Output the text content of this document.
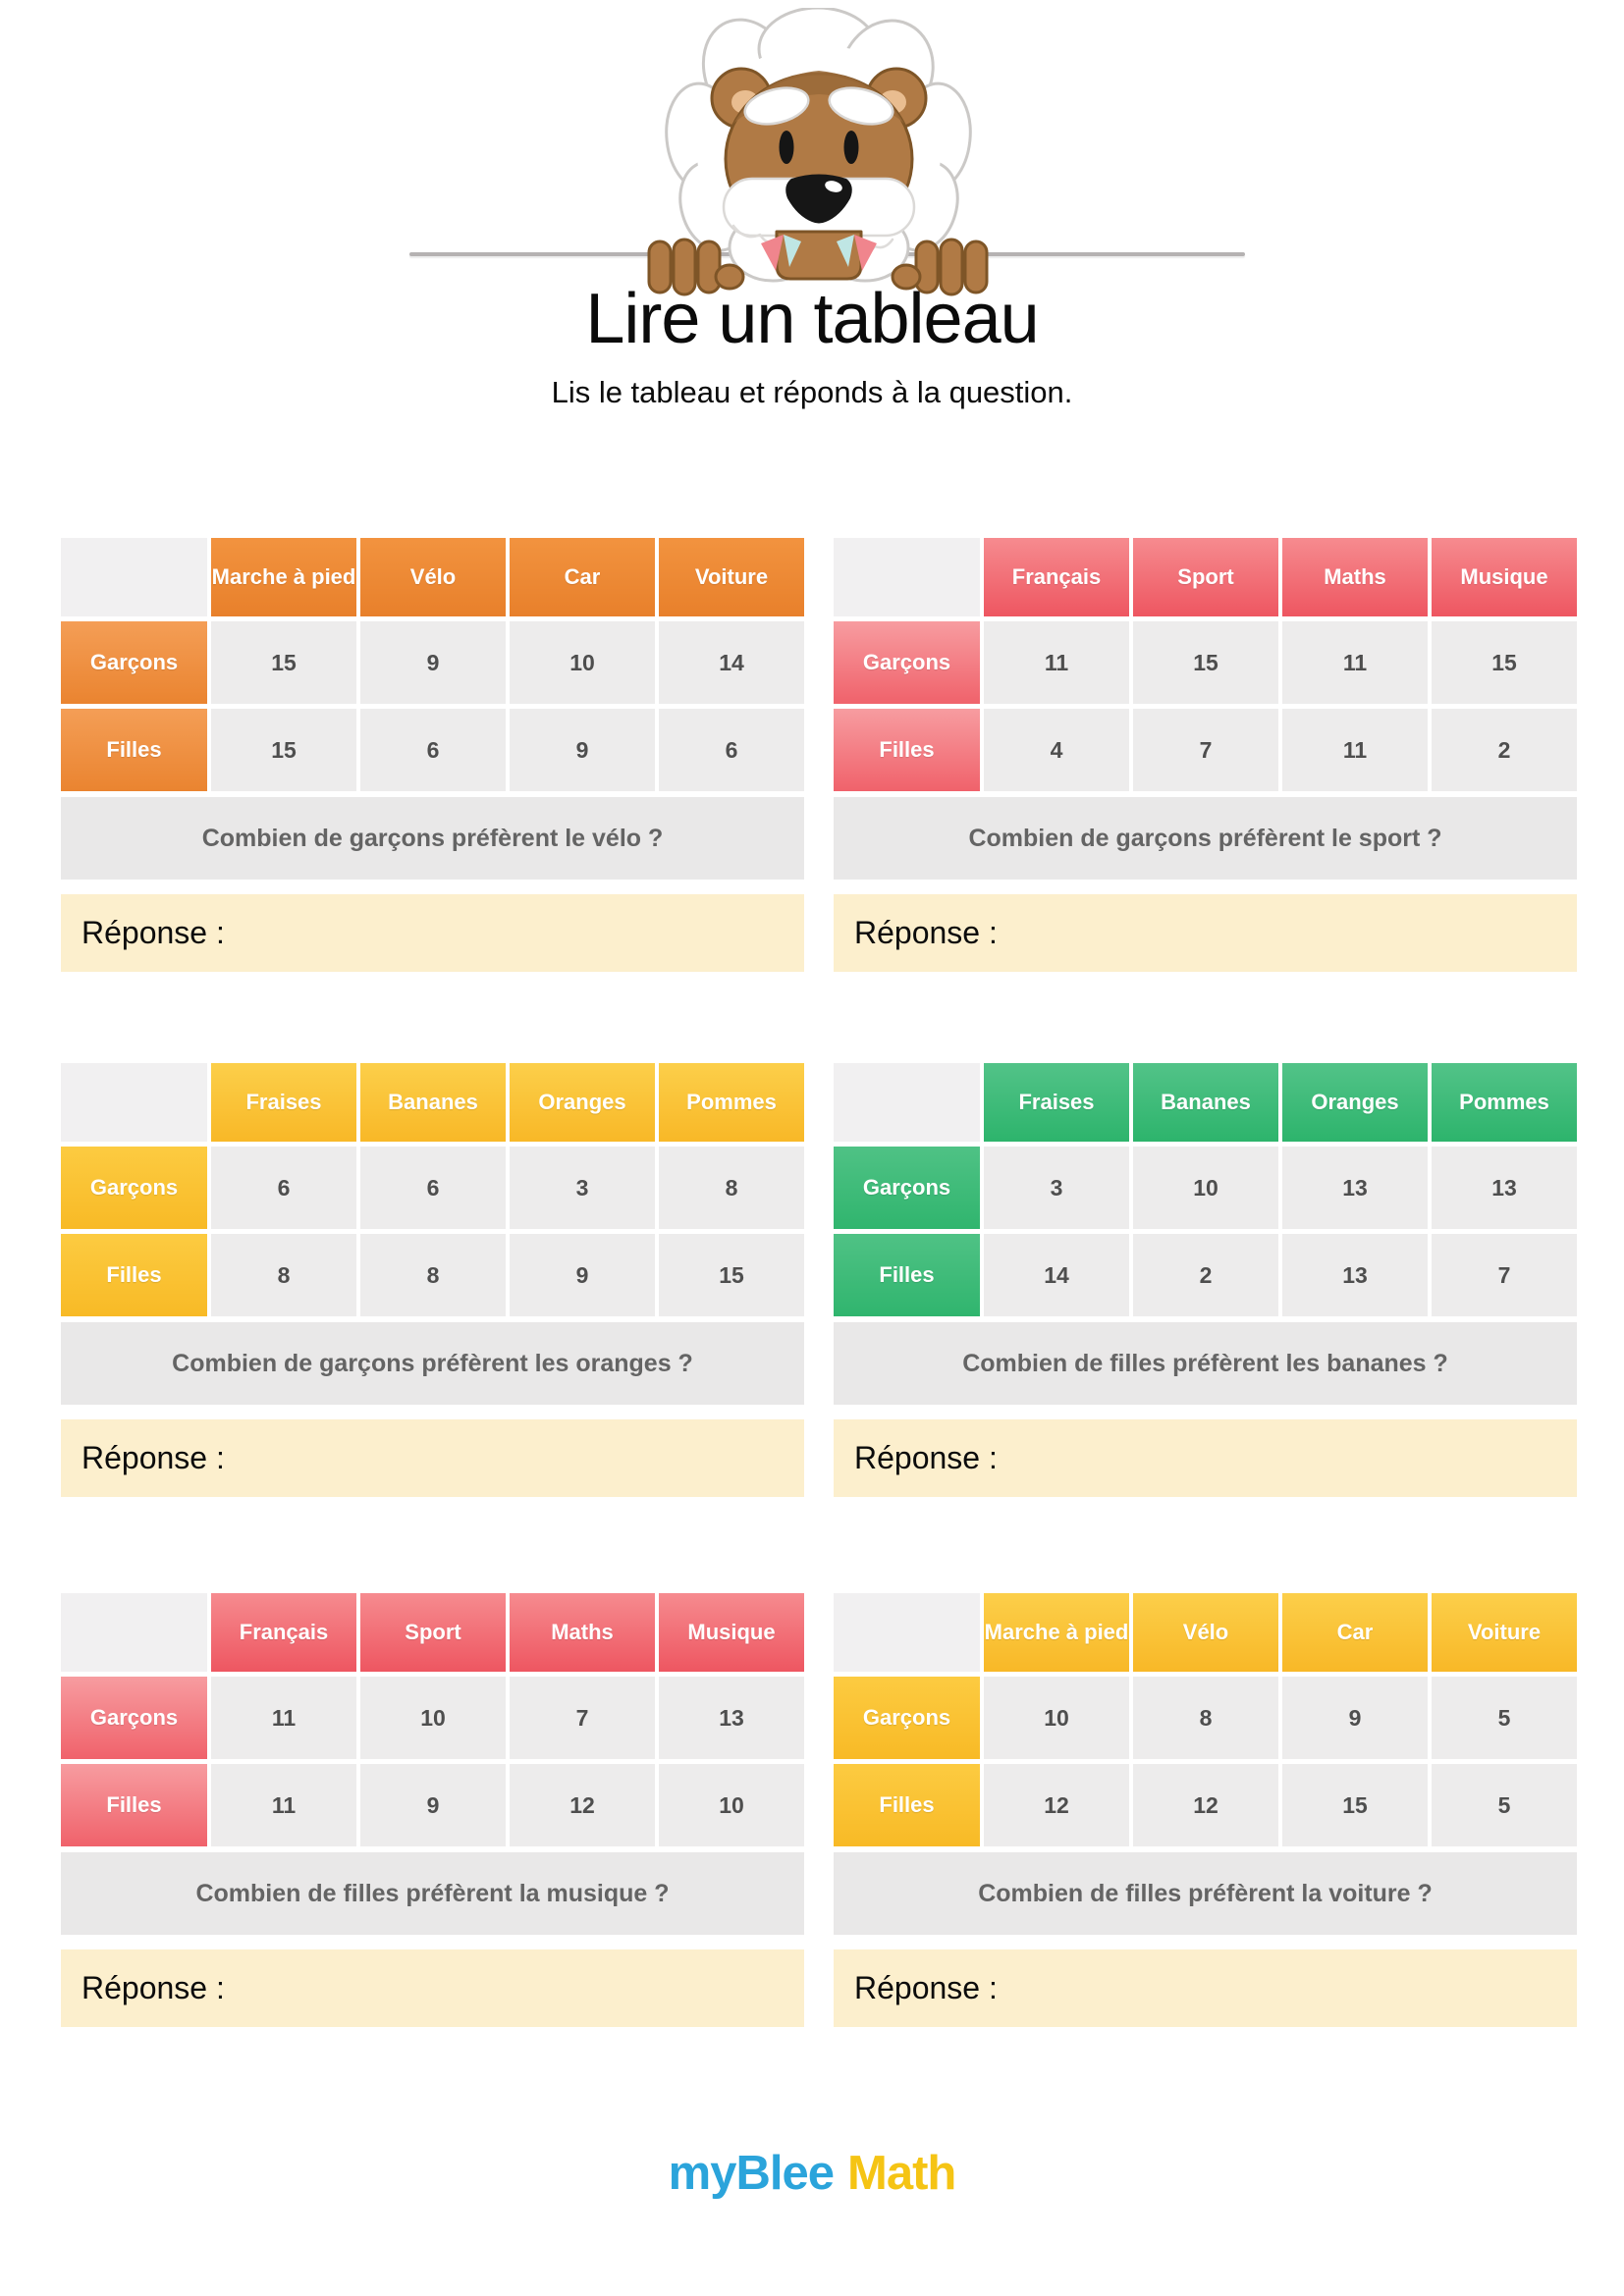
Lire un tableau

Lis le tableau et réponds à la question.

Marche à pied	Vélo	Car	Voiture
Garçons	15	9	10	14
Filles	15	6	9	6
Combien de garçons préfèrent le vélo ?
Réponse :
Français	Sport	Maths	Musique
Garçons	11	15	11	15
Filles	4	7	11	2
Combien de garçons préfèrent le sport ?
Réponse :
Fraises	Bananes	Oranges	Pommes
Garçons	6	6	3	8
Filles	8	8	9	15
Combien de garçons préfèrent les oranges ?
Réponse :
Fraises	Bananes	Oranges	Pommes
Garçons	3	10	13	13
Filles	14	2	13	7
Combien de filles préfèrent les bananes ?
Réponse :
Français	Sport	Maths	Musique
Garçons	11	10	7	13
Filles	11	9	12	10
Combien de filles préfèrent la musique ?
Réponse :
Marche à pied	Vélo	Car	Voiture
Garçons	10	8	9	5
Filles	12	12	15	5
Combien de filles préfèrent la voiture ?
Réponse :
myBlee Math
